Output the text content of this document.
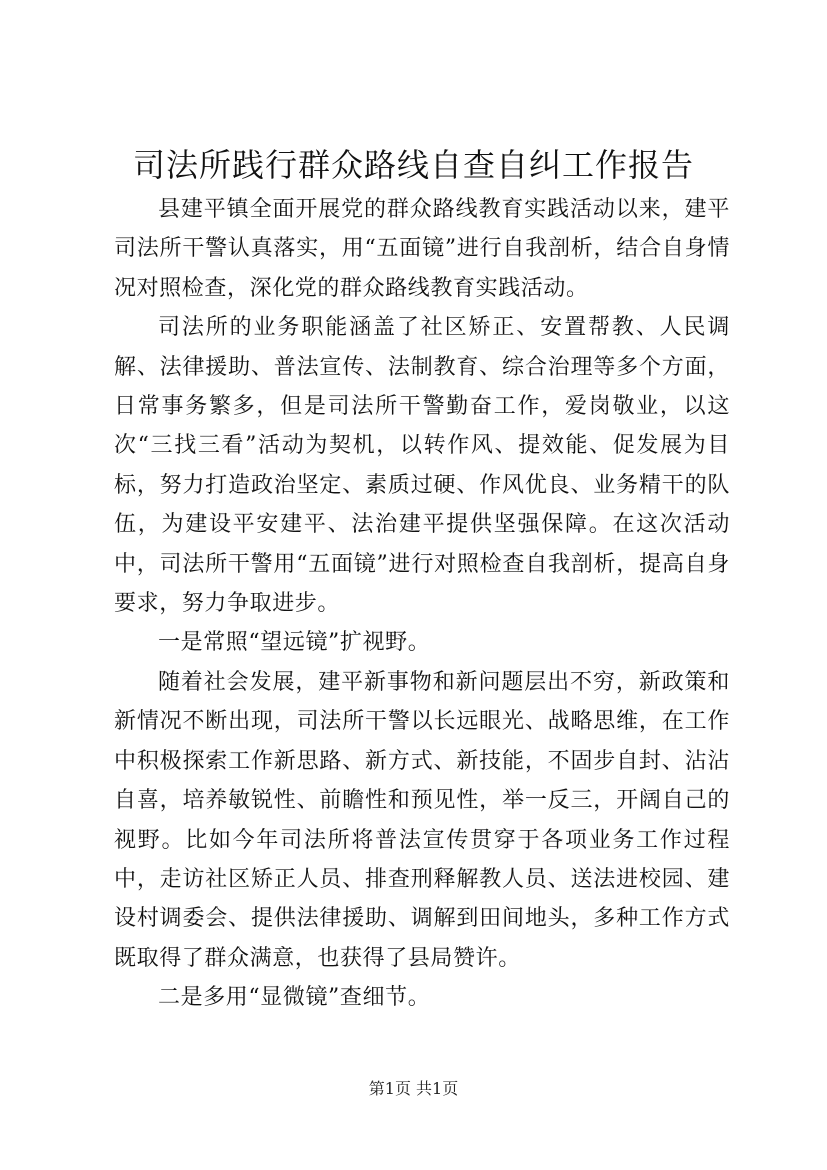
司法所践行群众路线自查自纠工作报告

县建平镇全面开展党的群众路线教育实践活动以来，建平司法所干警认真落实，用“五面镜”进行自我剖析，结合自身情况对照检查，深化党的群众路线教育实践活动。

司法所的业务职能涵盖了社区矫正、安置帮教、人民调解、法律援助、普法宣传、法制教育、综合治理等多个方面，日常事务繁多，但是司法所干警勤奋工作，爱岗敬业，以这次“三找三看”活动为契机，以转作风、提效能、促发展为目标，努力打造政治坚定、素质过硬、作风优良、业务精干的队伍，为建设平安建平、法治建平提供坚强保障。在这次活动中，司法所干警用“五面镜”进行对照检查自我剖析，提高自身要求，努力争取进步。

一是常照“望远镜”扩视野。

随着社会发展，建平新事物和新问题层出不穷，新政策和新情况不断出现，司法所干警以长远眼光、战略思维，在工作中积极探索工作新思路、新方式、新技能，不固步自封、沾沾自喜，培养敏锐性、前瞻性和预见性，举一反三，开阔自己的视野。比如今年司法所将普法宣传贯穿于各项业务工作过程中，走访社区矫正人员、排查刑释解教人员、送法进校园、建设村调委会、提供法律援助、调解到田间地头，多种工作方式既取得了群众满意，也获得了县局赞许。

二是多用“显微镜”查细节。

第1页 共1页
